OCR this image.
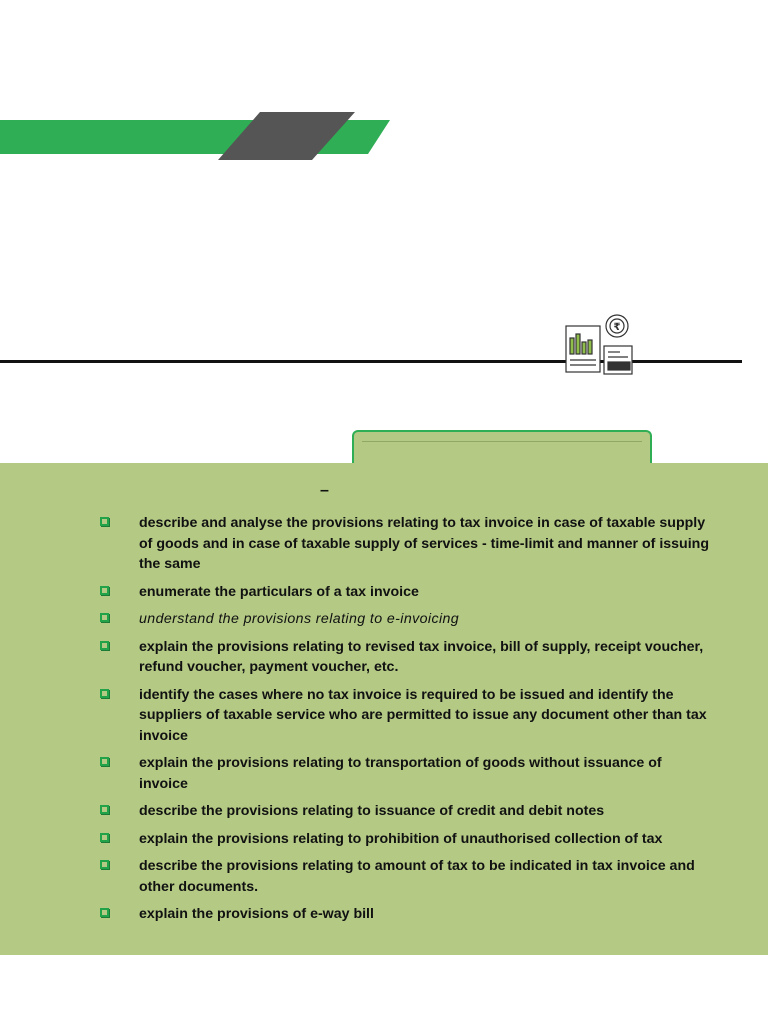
₹
–
describe and analyse the provisions relating to tax invoice in case of taxable supply of goods and in case of taxable supply of services - time-limit and manner of issuing the same
enumerate the particulars of a tax invoice
understand the provisions relating to e-invoicing
explain the provisions relating to revised tax invoice, bill of supply, receipt voucher, refund voucher, payment voucher, etc.
identify the cases where no tax invoice is required to be issued and identify the suppliers of taxable service who are permitted to issue any document other than tax invoice
explain the provisions relating to transportation of goods without issuance of invoice
describe the provisions relating to issuance of credit and debit notes
explain the provisions relating to prohibition of unauthorised collection of tax
describe the provisions relating to amount of tax to be indicated in tax invoice and other documents.
explain the provisions of e-way bill
